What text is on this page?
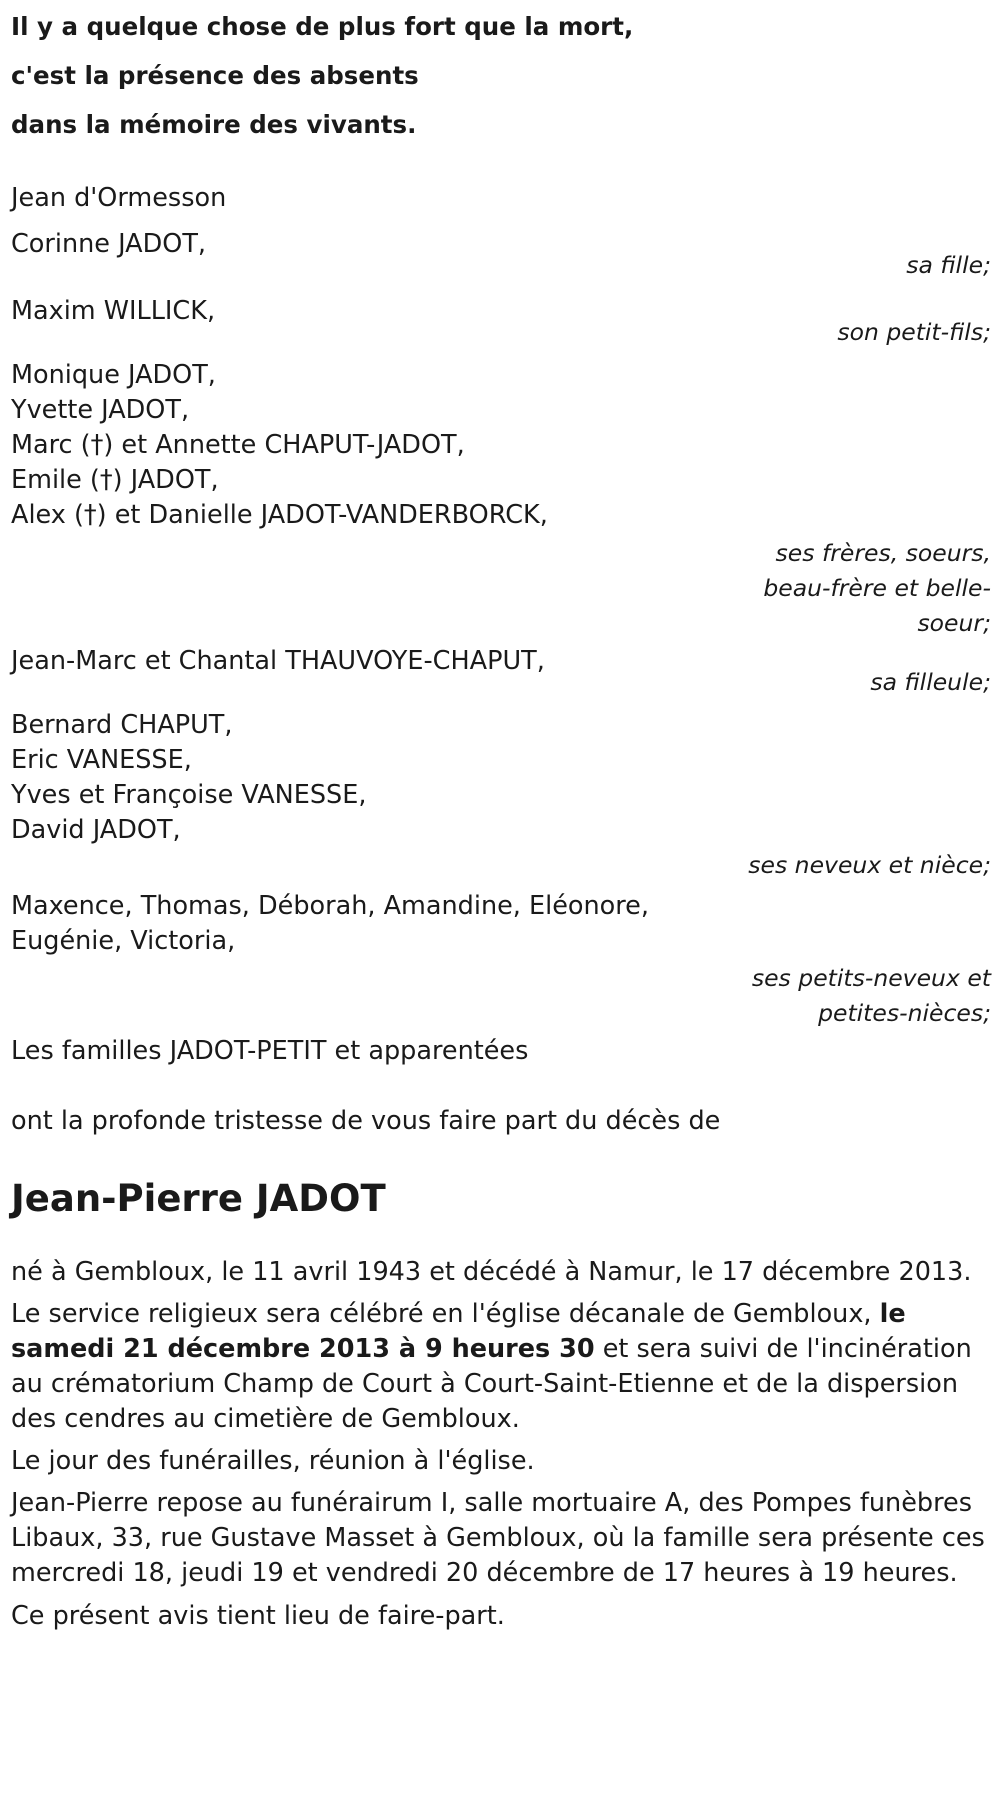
Il y a quelque chose de plus fort que la mort,
c'est la présence des absents
dans la mémoire des vivants.
Jean d'Ormesson
Corinne JADOT,
sa fille;
Maxim WILLICK,
son petit-fils;
Monique JADOT,
Yvette JADOT,
Marc (†) et Annette CHAPUT-JADOT,
Emile (†) JADOT,
Alex (†) et Danielle JADOT-VANDERBORCK,
ses frères, soeurs,
beau-frère et belle-
soeur;
Jean-Marc et Chantal THAUVOYE-CHAPUT,
sa filleule;
Bernard CHAPUT,
Eric VANESSE,
Yves et Françoise VANESSE,
David JADOT,
ses neveux et nièce;
Maxence, Thomas, Déborah, Amandine, Eléonore,
Eugénie, Victoria,
ses petits-neveux et
petites-nièces;
Les familles JADOT-PETIT et apparentées
ont la profonde tristesse de vous faire part du décès de
Jean-Pierre JADOT
né à Gembloux, le 11 avril 1943 et décédé à Namur, le 17 décembre 2013.
Le service religieux sera célébré en l'église décanale de Gembloux, le samedi 21 décembre 2013 à 9 heures 30 et sera suivi de l'incinération au crématorium Champ de Court à Court-Saint-Etienne et de la dispersion des cendres au cimetière de Gembloux.
Le jour des funérailles, réunion à l'église.
Jean-Pierre repose au funérairum I, salle mortuaire A, des Pompes funèbres Libaux, 33, rue Gustave Masset à Gembloux, où la famille sera présente ces mercredi 18, jeudi 19 et vendredi 20 décembre de 17 heures à 19 heures.
Ce présent avis tient lieu de faire-part.
